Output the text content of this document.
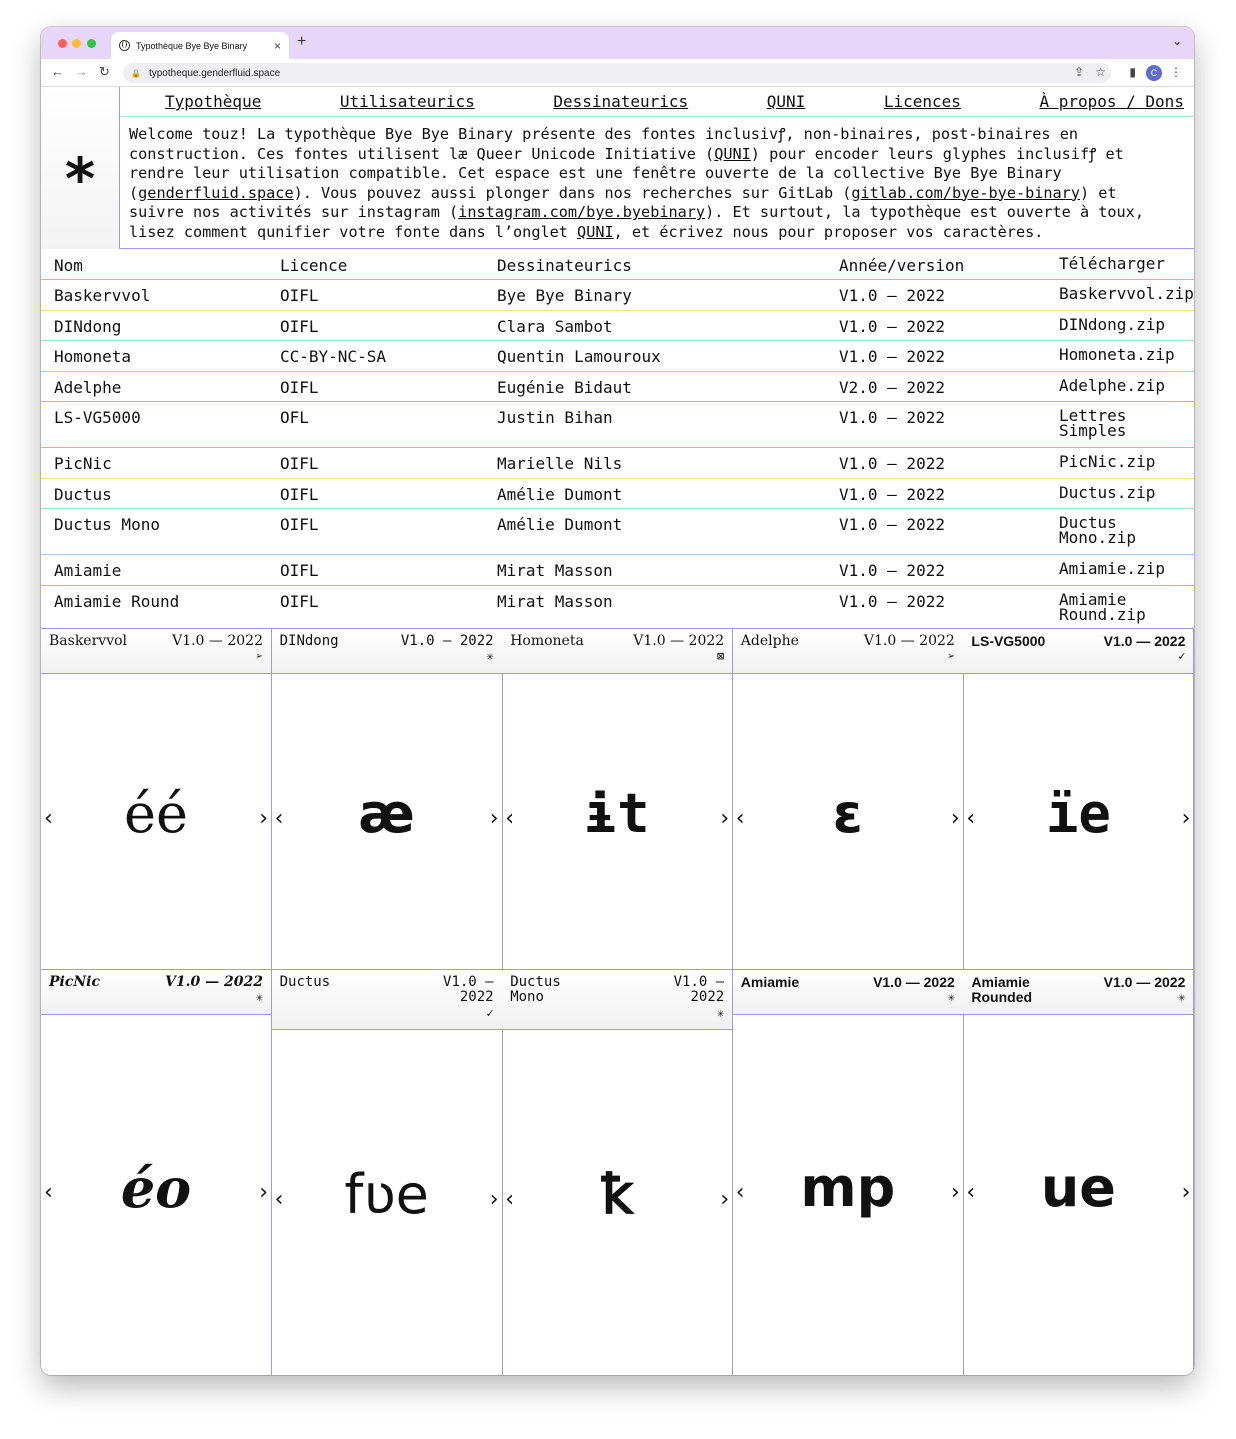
Typothèque Bye Bye Binary × +	⌄
← → ↻	🔒 typotheque.genderfluid.space	⇪ ☆ ▮	C	⋮
*
Typothèque	Utilisateurics	Dessinateurics	QUNI	Licences	À propos / Dons
Welcome touz! La typothèque Bye Bye Binary présente des fontes inclusivꝭ, non-binaires, post-binaires en
construction. Ces fontes utilisent læ Queer Unicode Initiative (QUNI) pour encoder leurs glyphes inclusifꝭ et
rendre leur utilisation compatible. Cet espace est une fenêtre ouverte de la collective Bye Bye Binary
(genderfluid.space). Vous pouvez aussi plonger dans nos recherches sur GitLab (gitlab.com/bye-bye-binary) et
suivre nos activités sur instagram (instagram.com/bye.byebinary). Et surtout, la typothèque est ouverte à toux,
lisez comment qunifier votre fonte dans l’onglet QUNI, et écrivez nous pour proposer vos caractères.
Nom	Licence	Dessinateurics	Année/version	Télécharger
Baskervvol	OIFL	Bye Bye Binary	V1.0 — 2022	Baskervvol.zip
DINdong	OIFL	Clara Sambot	V1.0 — 2022	DINdong.zip
Homoneta	CC-BY-NC-SA	Quentin Lamouroux	V1.0 — 2022	Homoneta.zip
Adelphe	OIFL	Eugénie Bidaut	V2.0 — 2022	Adelphe.zip
LS-VG5000	OFL	Justin Bihan	V1.0 — 2022	Lettres Simples
PicNic	OIFL	Marielle Nils	V1.0 — 2022	PicNic.zip
Ductus	OIFL	Amélie Dumont	V1.0 — 2022	Ductus.zip
Ductus Mono	OIFL	Amélie Dumont	V1.0 — 2022	Ductus Mono.zip
Amiamie	OIFL	Mirat Masson	V1.0 — 2022	Amiamie.zip
Amiamie Round	OIFL	Mirat Masson	V1.0 — 2022	Amiamie Round.zip
Baskervvol	V1.0 — 2022
➢
éé
‹	›
DINdong	V1.0 — 2022
✳
æ
‹	›
Homoneta	V1.0 — 2022
⊠
ɨt
‹	›
Adelphe	V1.0 — 2022
➢
ɛ
‹	›
LS-VG5000	V1.0 — 2022
✓
ïe
‹	›
PicNic	V1.0 — 2022
✳
éo
‹	›
Ductus	V1.0 — 2022
✓
fʋe
‹	›
Ductus Mono
V1.0 — 2022
✳
ꝁ
‹	›
Amiamie	V1.0 — 2022
✳
mp
‹	›
Amiamie Rounded
V1.0 — 2022
✳
ue
‹	›
